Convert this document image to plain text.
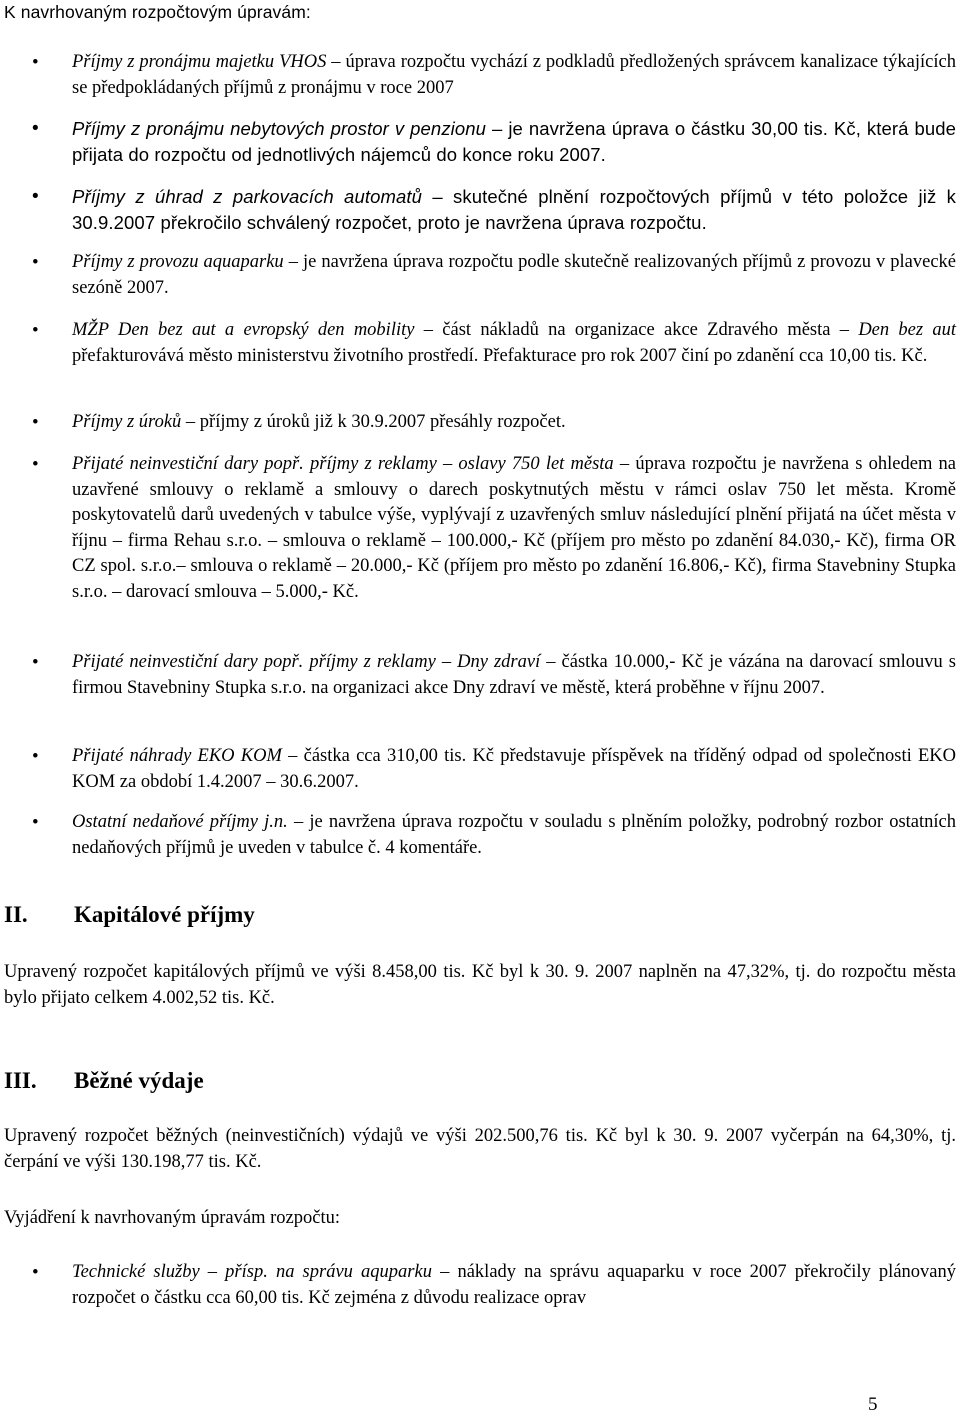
K navrhovaným rozpočtovým úpravám:
• Příjmy z pronájmu majetku VHOS – úprava rozpočtu vychází z podkladů předložených správcem kanalizace týkajících se předpokládaných příjmů z pronájmu v roce 2007
• Příjmy z pronájmu nebytových prostor v penzionu – je navržena úprava o částku 30,00 tis. Kč, která bude přijata do rozpočtu od jednotlivých nájemců do konce roku 2007.
• Příjmy z úhrad z parkovacích automatů – skutečné plnění rozpočtových příjmů v této položce již k 30.9.2007 překročilo schválený rozpočet, proto je navržena úprava rozpočtu.
• Příjmy z provozu aquaparku – je navržena úprava rozpočtu podle skutečně realizovaných příjmů z provozu v plavecké sezóně 2007.
• MŽP Den bez aut a evropský den mobility – část nákladů na organizace akce Zdravého města – Den bez aut přefakturovává město ministerstvu životního prostředí. Přefakturace pro rok 2007 činí po zdanění cca 10,00 tis. Kč.
• Příjmy z úroků – příjmy z úroků již k 30.9.2007 přesáhly rozpočet.
• Přijaté neinvestiční dary popř. příjmy z reklamy – oslavy 750 let města – úprava rozpočtu je navržena s ohledem na uzavřené smlouvy o reklamě a smlouvy o darech poskytnutých městu v rámci oslav 750 let města. Kromě poskytovatelů darů uvedených v tabulce výše, vyplývají z uzavřených smluv následující plnění přijatá na účet města v říjnu – firma Rehau s.r.o. – smlouva o reklamě – 100.000,- Kč (příjem pro město po zdanění 84.030,- Kč), firma OR CZ spol. s.r.o.– smlouva o reklamě – 20.000,- Kč (příjem pro město po zdanění 16.806,- Kč), firma Stavebniny Stupka s.r.o. – darovací smlouva – 5.000,- Kč.
• Přijaté neinvestiční dary popř. příjmy z reklamy – Dny zdraví – částka 10.000,- Kč je vázána na darovací smlouvu s firmou Stavebniny Stupka s.r.o. na organizaci akce Dny zdraví ve městě, která proběhne v říjnu 2007.
• Přijaté náhrady EKO KOM – částka cca 310,00 tis. Kč představuje příspěvek na tříděný odpad od společnosti EKO KOM za období 1.4.2007 – 30.6.2007.
• Ostatní nedaňové příjmy j.n. – je navržena úprava rozpočtu v souladu s plněním položky, podrobný rozbor ostatních nedaňových příjmů je uveden v tabulce č. 4 komentáře.
II. Kapitálové příjmy
Upravený rozpočet kapitálových příjmů ve výši 8.458,00 tis. Kč byl k 30. 9. 2007 naplněn na 47,32%, tj. do rozpočtu města bylo přijato celkem 4.002,52 tis. Kč.
III. Běžné výdaje
Upravený rozpočet běžných (neinvestičních) výdajů ve výši 202.500,76 tis. Kč byl k 30. 9. 2007 vyčerpán na 64,30%, tj. čerpání ve výši 130.198,77 tis. Kč.
Vyjádření k navrhovaným úpravám rozpočtu:
• Technické služby – přísp. na správu aquparku – náklady na správu aquaparku v roce 2007 překročily plánovaný rozpočet o částku cca 60,00 tis. Kč zejména z důvodu realizace oprav
5
